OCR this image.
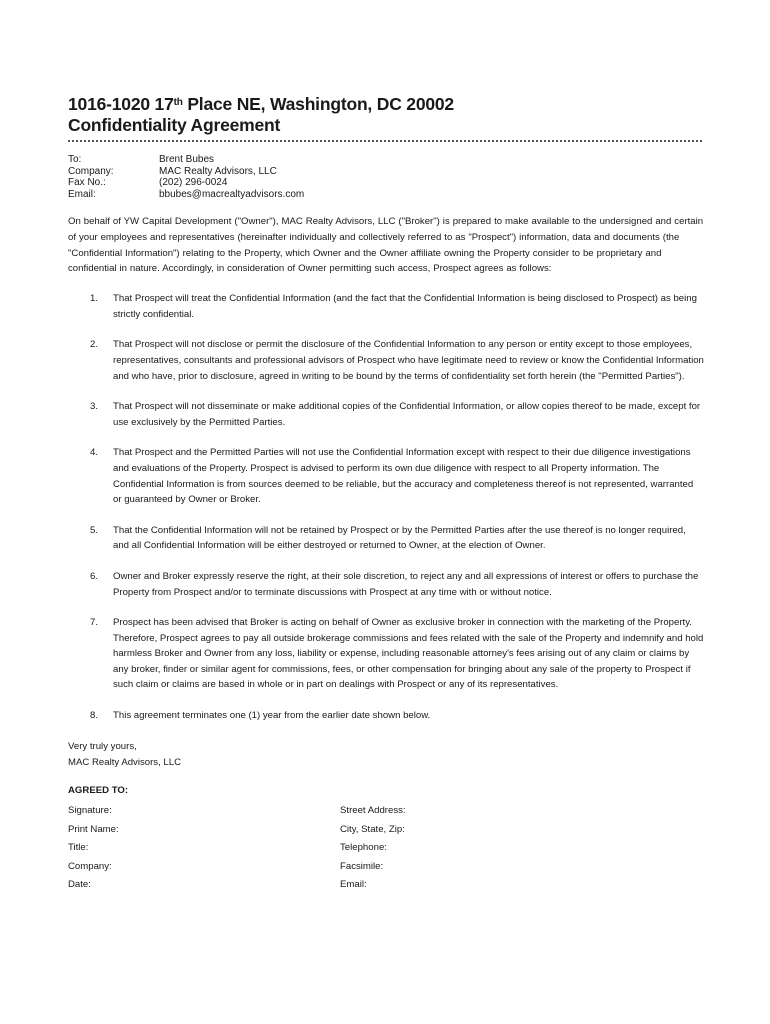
1016-1020 17th Place NE, Washington, DC 20002
Confidentiality Agreement
To:	Brent Bubes
Company:	MAC Realty Advisors, LLC
Fax No.:	(202) 296-0024
Email:	bbubes@macrealtyadvisors.com
On behalf of YW Capital Development ("Owner"), MAC Realty Advisors, LLC ("Broker") is prepared to make available to the undersigned and certain of your employees and representatives (hereinafter individually and collectively referred to as "Prospect") information, data and documents (the "Confidential Information") relating to the Property, which Owner and the Owner affiliate owning the Property consider to be proprietary and confidential in nature. Accordingly, in consideration of Owner permitting such access, Prospect agrees as follows:
1.	That Prospect will treat the Confidential Information (and the fact that the Confidential Information is being disclosed to Prospect) as being strictly confidential.
2.	That Prospect will not disclose or permit the disclosure of the Confidential Information to any person or entity except to those employees, representatives, consultants and professional advisors of Prospect who have legitimate need to review or know the Confidential Information and who have, prior to disclosure, agreed in writing to be bound by the terms of confidentiality set forth herein (the "Permitted Parties").
3.	That Prospect will not disseminate or make additional copies of the Confidential Information, or allow copies thereof to be made, except for use exclusively by the Permitted Parties.
4.	That Prospect and the Permitted Parties will not use the Confidential Information except with respect to their due diligence investigations and evaluations of the Property. Prospect is advised to perform its own due diligence with respect to all Property information. The Confidential Information is from sources deemed to be reliable, but the accuracy and completeness thereof is not represented, warranted or guaranteed by Owner or Broker.
5.	That the Confidential Information will not be retained by Prospect or by the Permitted Parties after the use thereof is no longer required, and all Confidential Information will be either destroyed or returned to Owner, at the election of Owner.
6.	Owner and Broker expressly reserve the right, at their sole discretion, to reject any and all expressions of interest or offers to purchase the Property from Prospect and/or to terminate discussions with Prospect at any time with or without notice.
7.	Prospect has been advised that Broker is acting on behalf of Owner as exclusive broker in connection with the marketing of the Property. Therefore, Prospect agrees to pay all outside brokerage commissions and fees related with the sale of the Property and indemnify and hold harmless Broker and Owner from any loss, liability or expense, including reasonable attorney's fees arising out of any claim or claims by any broker, finder or similar agent for commissions, fees, or other compensation for bringing about any sale of the property to Prospect if such claim or claims are based in whole or in part on dealings with Prospect or any of its representatives.
8.	This agreement terminates one (1) year from the earlier date shown below.
Very truly yours,
MAC Realty Advisors, LLC
AGREED TO:
Signature:	Street Address:
Print Name:	City, State, Zip:
Title:	Telephone:
Company:	Facsimile:
Date:	Email:
